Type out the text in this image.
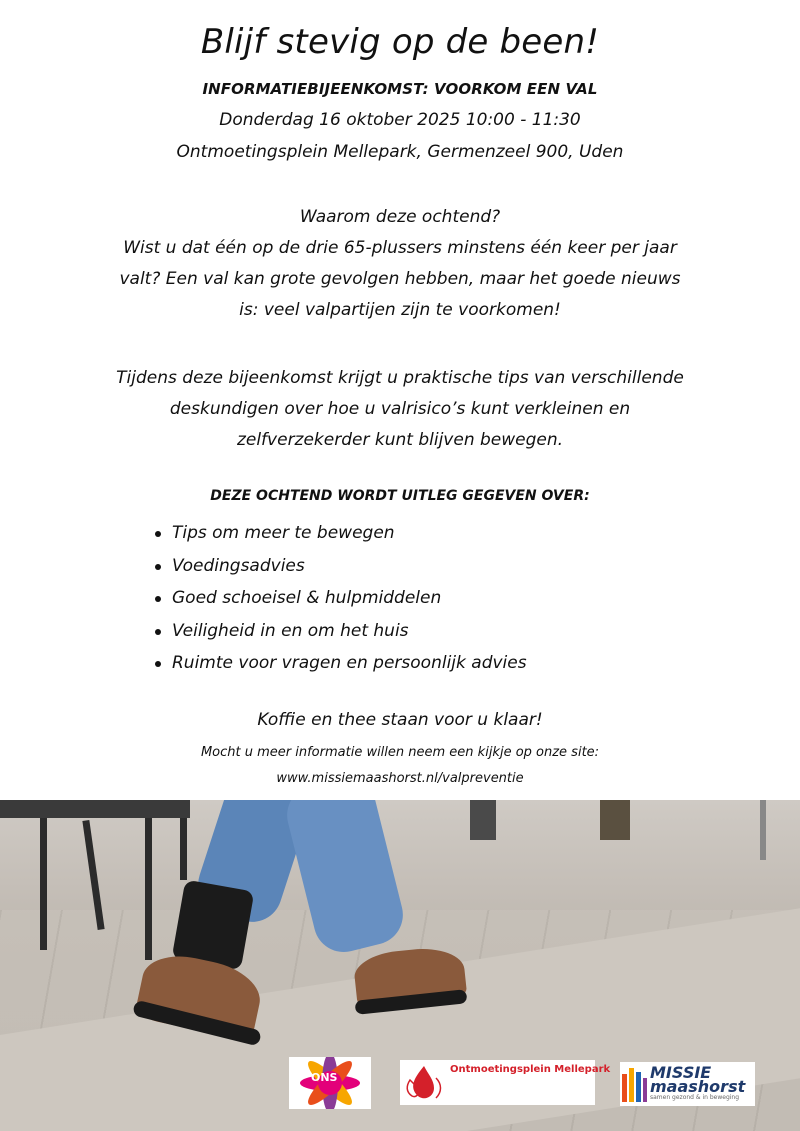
Blijf stevig op de been!
INFORMATIEBIJEENKOMST: VOORKOM EEN VAL
Donderdag 16 oktober 2025 10:00 - 11:30
Ontmoetingsplein Mellepark, Germenzeel 900, Uden
Waarom deze ochtend?
Wist u dat één op de drie 65-plussers minstens één keer per jaar
valt? Een val kan grote gevolgen hebben, maar het goede nieuws
is: veel valpartijen zijn te voorkomen!
Tijdens deze bijeenkomst krijgt u praktische tips van verschillende
deskundigen over hoe u valrisico’s kunt verkleinen en
zelfverzekerder kunt blijven bewegen.
DEZE OCHTEND WORDT UITLEG GEGEVEN OVER:
Tips om meer te bewegen
Voedingsadvies
Goed schoeisel & hulpmiddelen
Veiligheid in en om het huis
Ruimte voor vragen en persoonlijk advies
Koffie en thee staan voor u klaar!
Mocht u meer informatie willen neem een kijkje op onze site:
www.missiemaashorst.nl/valpreventie
ONS
Ontmoetingsplein Mellepark MISSIE
maashorst
samen gezond & in beweging
